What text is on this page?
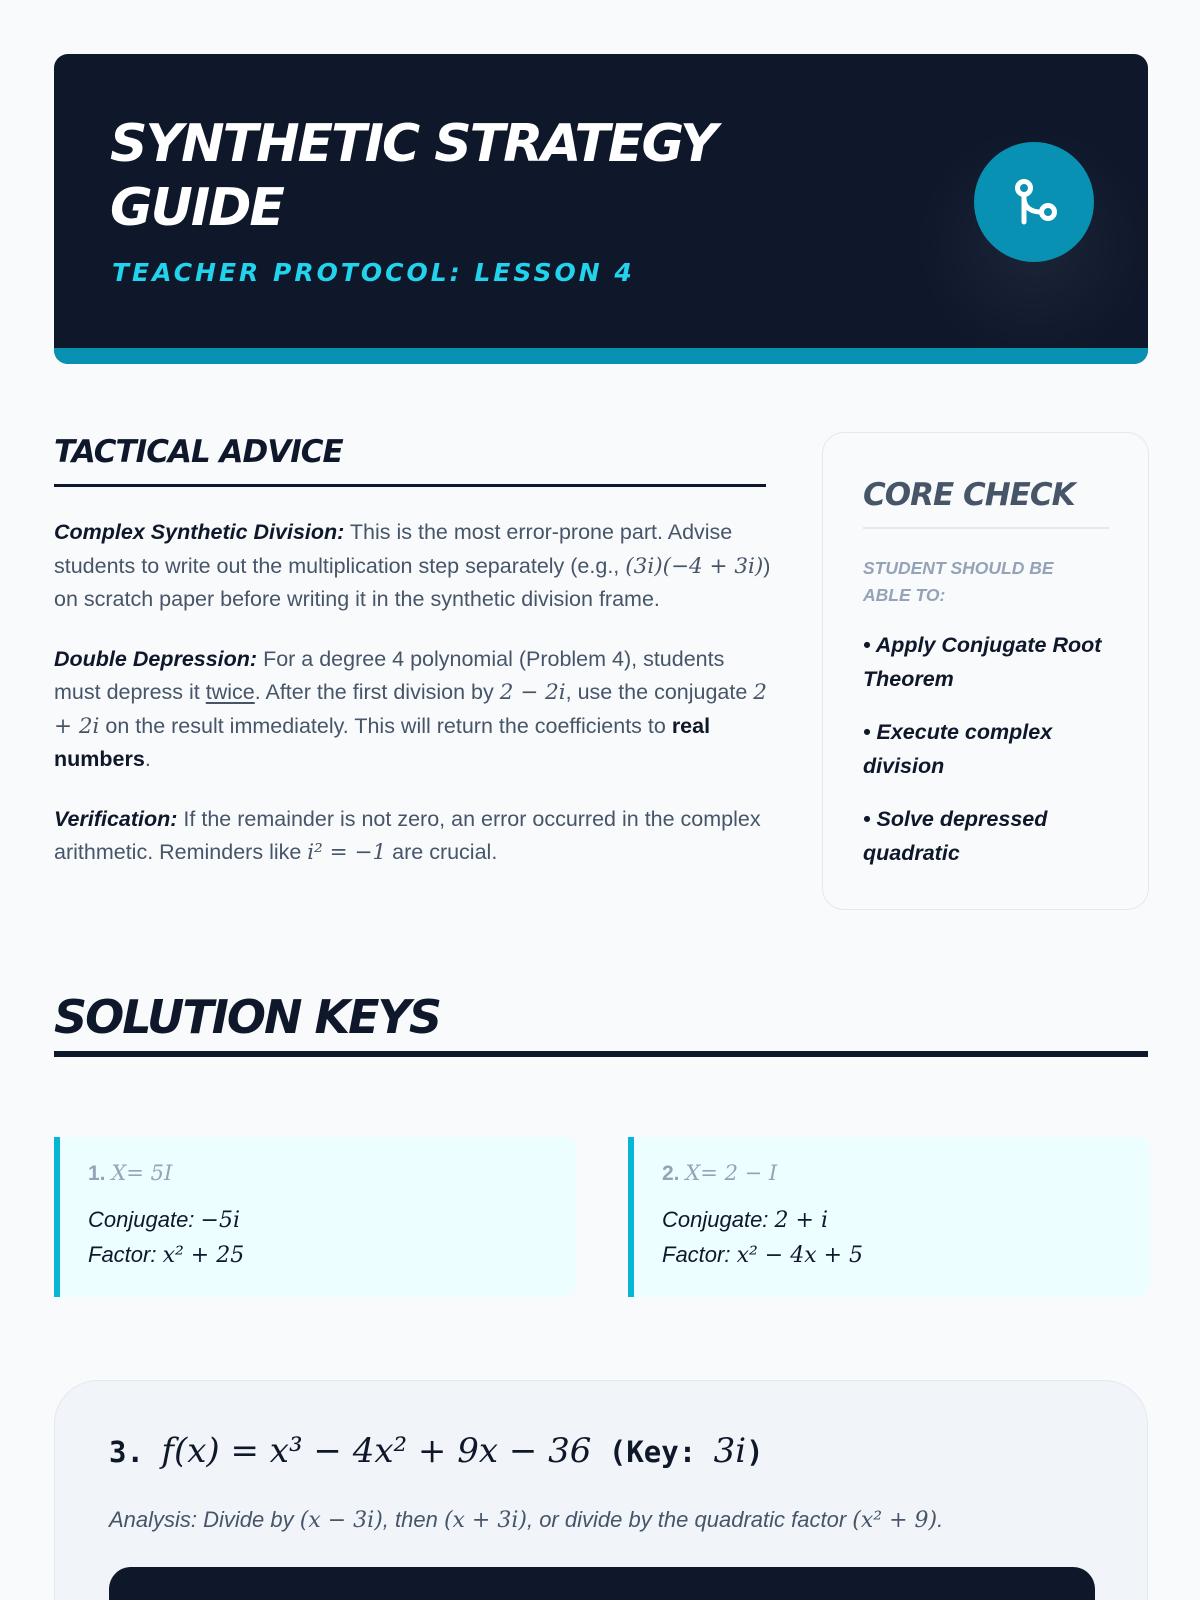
SYNTHETIC STRATEGY GUIDE
TEACHER PROTOCOL: LESSON 4
TACTICAL ADVICE

Complex Synthetic Division: This is the most error-prone part. Advise students to write out the multiplication step separately (e.g., (3i)(−4 + 3i)) on scratch paper before writing it in the synthetic division frame.

Double Depression: For a degree 4 polynomial (Problem 4), students must depress it twice. After the first division by 2 − 2i, use the conjugate 2 + 2i on the result immediately. This will return the coefficients to real numbers.

Verification: If the remainder is not zero, an error occurred in the complex arithmetic. Reminders like i² = −1 are crucial.

CORE CHECK
STUDENT SHOULD BE ABLE TO:
• Apply Conjugate Root Theorem
• Execute complex division
• Solve depressed quadratic
SOLUTION KEYS
1. X= 5I
Conjugate: −5i
Factor: x² + 25
2. X= 2 − I
Conjugate: 2 + i
Factor: x² − 4x + 5
3. f(x) = x³ − 4x² + 9x − 36 (Key: 3i)
Analysis: Divide by (x − 3i), then (x + 3i), or divide by the quadratic factor (x² + 9).
